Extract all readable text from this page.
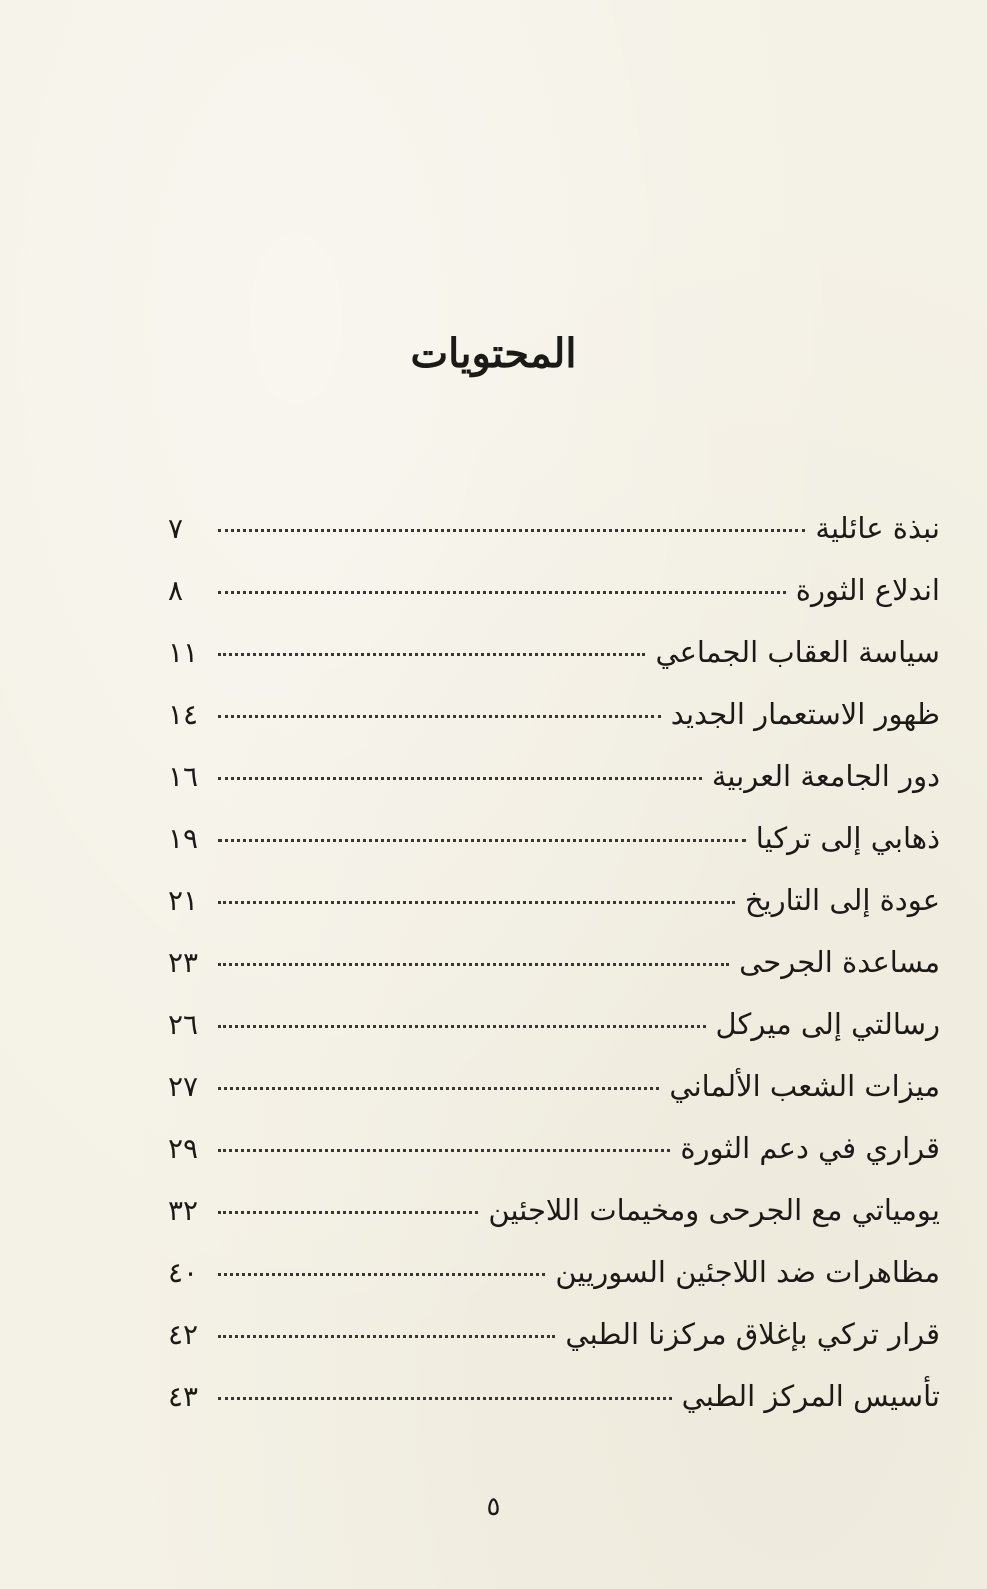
المحتويات
نبذة عائلية
٧
اندلاع الثورة
٨
سياسة العقاب الجماعي
١١
ظهور الاستعمار الجديد
١٤
دور الجامعة العربية
١٦
ذهابي إلى تركيا
١٩
عودة إلى التاريخ
٢١
مساعدة الجرحى
٢٣
رسالتي إلى ميركل
٢٦
ميزات الشعب الألماني
٢٧
قراري في دعم الثورة
٢٩
يومياتي مع الجرحى ومخيمات اللاجئين
٣٢
مظاهرات ضد اللاجئين السوريين
٤٠
قرار تركي بإغلاق مركزنا الطبي
٤٢
تأسيس المركز الطبي
٤٣
٥
